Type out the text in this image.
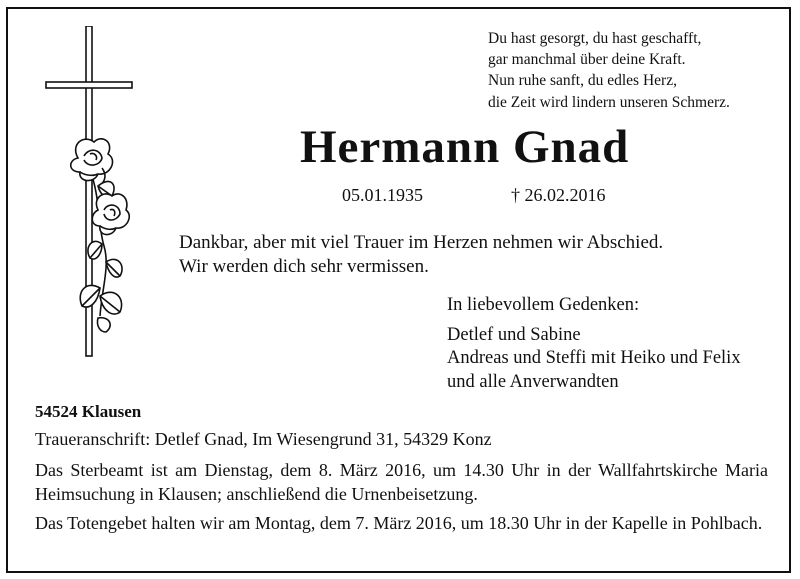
Du hast gesorgt, du hast geschafft,
gar manchmal über deine Kraft.
Nun ruhe sanft, du edles Herz,
die Zeit wird lindern unseren Schmerz.
Hermann Gnad
05.01.1935	† 26.02.2016
Dankbar, aber mit viel Trauer im Herzen nehmen wir Abschied.
Wir werden dich sehr vermissen.
In liebevollem Gedenken:
Detlef und Sabine
Andreas und Steffi mit Heiko und Felix
und alle Anverwandten
54524 Klausen
Traueranschrift: Detlef Gnad, Im Wiesengrund 31, 54329 Konz
Das Sterbeamt ist am Dienstag, dem 8. März 2016, um 14.30 Uhr in der Wallfahrtskirche Maria Heimsuchung in Klausen; anschließend die Urnenbeisetzung.
Das Totengebet halten wir am Montag, dem 7. März 2016, um 18.30 Uhr in der Kapelle in Pohlbach.
